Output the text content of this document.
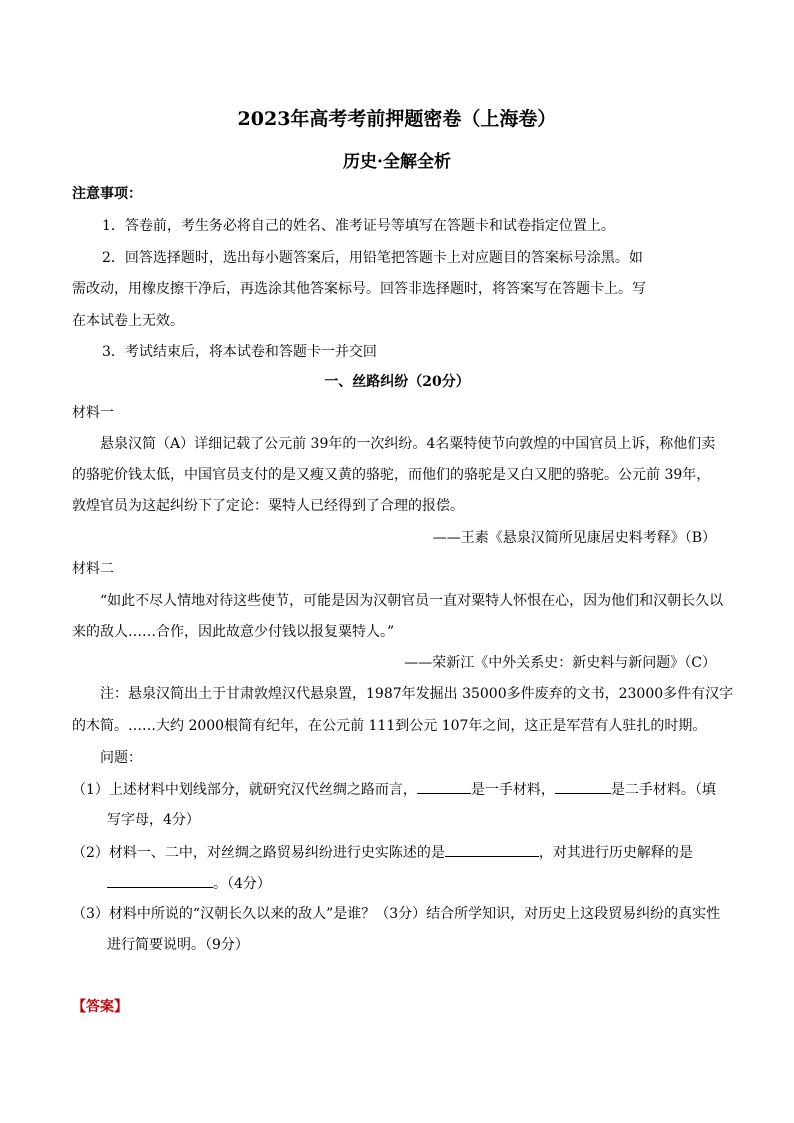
2023年高考考前押题密卷（上海卷）
历史·全解全析
注意事项：
1．答卷前，考生务必将自己的姓名、准考证号等填写在答题卡和试卷指定位置上。
2．回答选择题时，选出每小题答案后，用铅笔把答题卡上对应题目的答案标号涂黑。如
需改动，用橡皮擦干净后，再选涂其他答案标号。回答非选择题时，将答案写在答题卡上。写
在本试卷上无效。
3．考试结束后，将本试卷和答题卡一并交回
一、丝路纠纷（20分）
材料一
悬泉汉简（A）详细记载了公元前 39年的一次纠纷。4名粟特使节向敦煌的中国官员上诉，称他们卖
的骆驼价钱太低，中国官员支付的是又瘦又黄的骆驼，而他们的骆驼是又白又肥的骆驼。公元前 39年，
敦煌官员为这起纠纷下了定论：粟特人已经得到了合理的报偿。
——王素《悬泉汉简所见康居史料考释》（B）
材料二
“如此不尽人情地对待这些使节，可能是因为汉朝官员一直对粟特人怀恨在心，因为他们和汉朝长久以
来的敌人……合作，因此故意少付钱以报复粟特人。”
——荣新江《中外关系史：新史料与新问题》（C）
注：悬泉汉简出土于甘肃敦煌汉代悬泉置，1987年发掘出 35000多件废弃的文书，23000多件有汉字
的木简。……大约 2000根简有纪年，在公元前 111到公元 107年之间，这正是军营有人驻扎的时期。
问题：
（1）上述材料中划线部分，就研究汉代丝绸之路而言，	是一手材料，	是二手材料。（填
写字母，4分）
（2）材料一、二中，对丝绸之路贸易纠纷进行史实陈述的是	，对其进行历史解释的是
。（4分）
（3）材料中所说的“汉朝长久以来的敌人”是谁？（3分）结合所学知识，对历史上这段贸易纠纷的真实性
进行简要说明。（9分）
【答案】
